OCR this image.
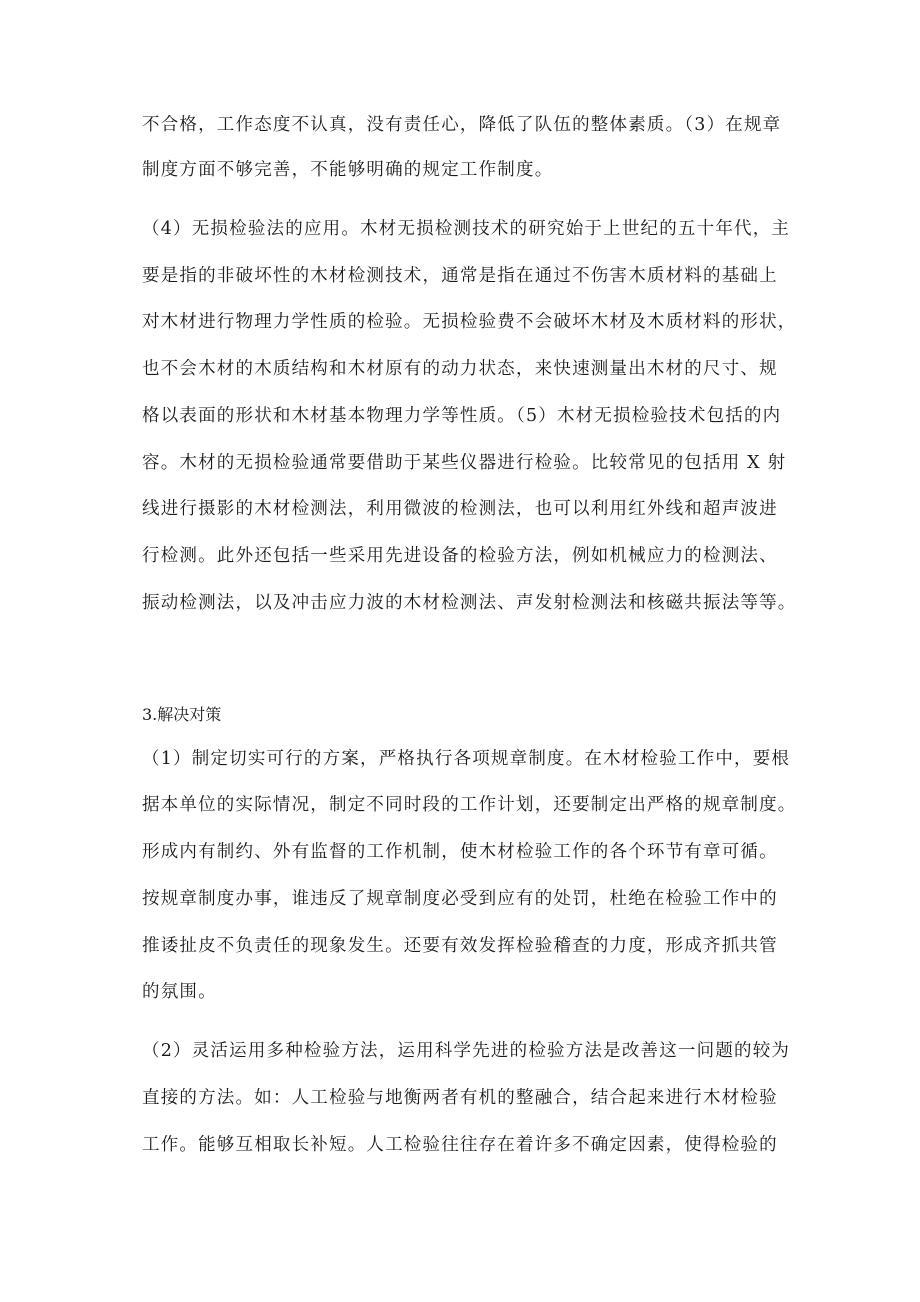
不合格，工作态度不认真，没有责任心，降低了队伍的整体素质。（3）在规章
制度方面不够完善，不能够明确的规定工作制度。
（4）无损检验法的应用。木材无损检测技术的研究始于上世纪的五十年代，主
要是指的非破坏性的木材检测技术，通常是指在通过不伤害木质材料的基础上
对木材进行物理力学性质的检验。无损检验费不会破坏木材及木质材料的形状，
也不会木材的木质结构和木材原有的动力状态，来快速测量出木材的尺寸、规
格以表面的形状和木材基本物理力学等性质。（5）木材无损检验技术包括的内
容。木材的无损检验通常要借助于某些仪器进行检验。比较常见的包括用 X 射
线进行摄影的木材检测法，利用微波的检测法，也可以利用红外线和超声波进
行检测。此外还包括一些采用先进设备的检验方法，例如机械应力的检测法、
振动检测法，以及冲击应力波的木材检测法、声发射检测法和核磁共振法等等。
3.解决对策
（1）制定切实可行的方案，严格执行各项规章制度。在木材检验工作中，要根
据本单位的实际情况，制定不同时段的工作计划，还要制定出严格的规章制度。
形成内有制约、外有监督的工作机制，使木材检验工作的各个环节有章可循。
按规章制度办事，谁违反了规章制度必受到应有的处罚，杜绝在检验工作中的
推诿扯皮不负责任的现象发生。还要有效发挥检验稽查的力度，形成齐抓共管
的氛围。
（2）灵活运用多种检验方法，运用科学先进的检验方法是改善这一问题的较为
直接的方法。如：人工检验与地衡两者有机的整融合，结合起来进行木材检验
工作。能够互相取长补短。人工检验往往存在着许多不确定因素，使得检验的
